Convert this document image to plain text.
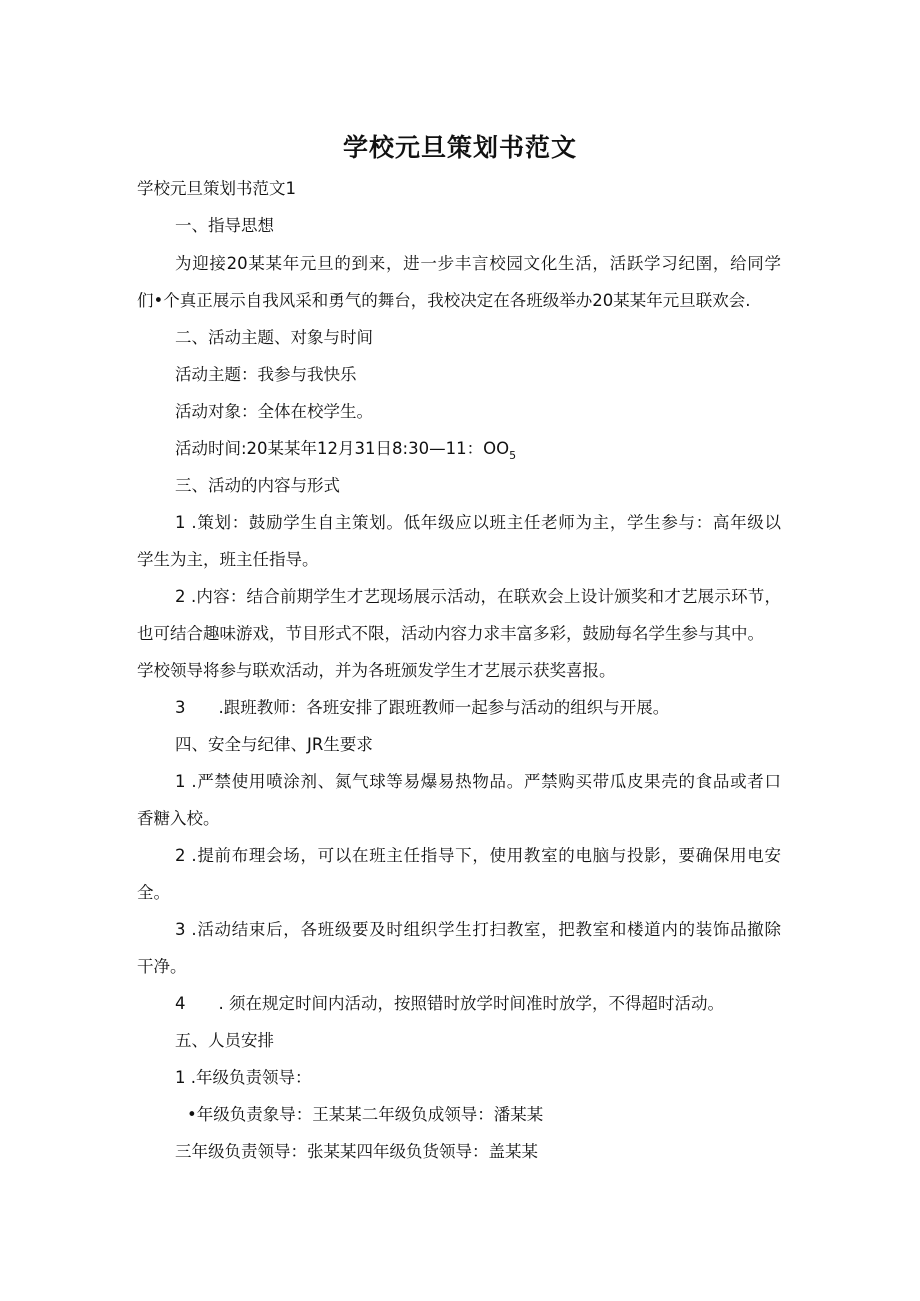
学校元旦策划书范文
学校元旦策划书范文1
一、指导思想
为迎接20某某年元旦的到来，进一步丰言校园文化生活，活跃学习纪圉，给同学
们•个真正展示自我风采和勇气的舞台，我校决定在各班级举办20某某年元旦联欢会.
二、活动主题、对象与时间
活动主题：我参与我快乐
活动对象：全体在校学生。
活动时间:20某某年12月31日8:30—11：$OO_5$
三、活动的内容与形式
1 .策划：鼓励学生自主策划。低年级应以班主任老师为主，学生参与：高年级以
学生为主，班主任指导。
2 .内容：结合前期学生才艺现场展示活动，在联欢会上设计颁奖和才艺展示环节，
也可结合趣味游戏，节目形式不限，活动内容力求丰富多彩，鼓励每名学生参与其中。
学校领导将参与联欢活动，并为各班颁发学生才艺展示获奖喜报。
3　　.跟班教师：各班安排了跟班教师一起参与活动的组织与开展。
四、安全与纪律、JR生要求
1 .严禁使用喷涂剂、氮气球等易爆易热物品。严禁购买带瓜皮果壳的食品或者口
香糖入校。
2 .提前布理会场，可以在班主任指导下，使用教室的电脑与投影，要确保用电安
全。
3 .活动结束后，各班级要及时组织学生打扫教室，把教室和楼道内的装饰品撤除
干净。
4　　. 须在规定时间内活动，按照错时放学时间准时放学，不得超时活动。
五、人员安排
1 .年级负责领导：
•年级负责象导：王某某二年级负成领导：潘某某
三年级负责领导：张某某四年级负货领导：盖某某
